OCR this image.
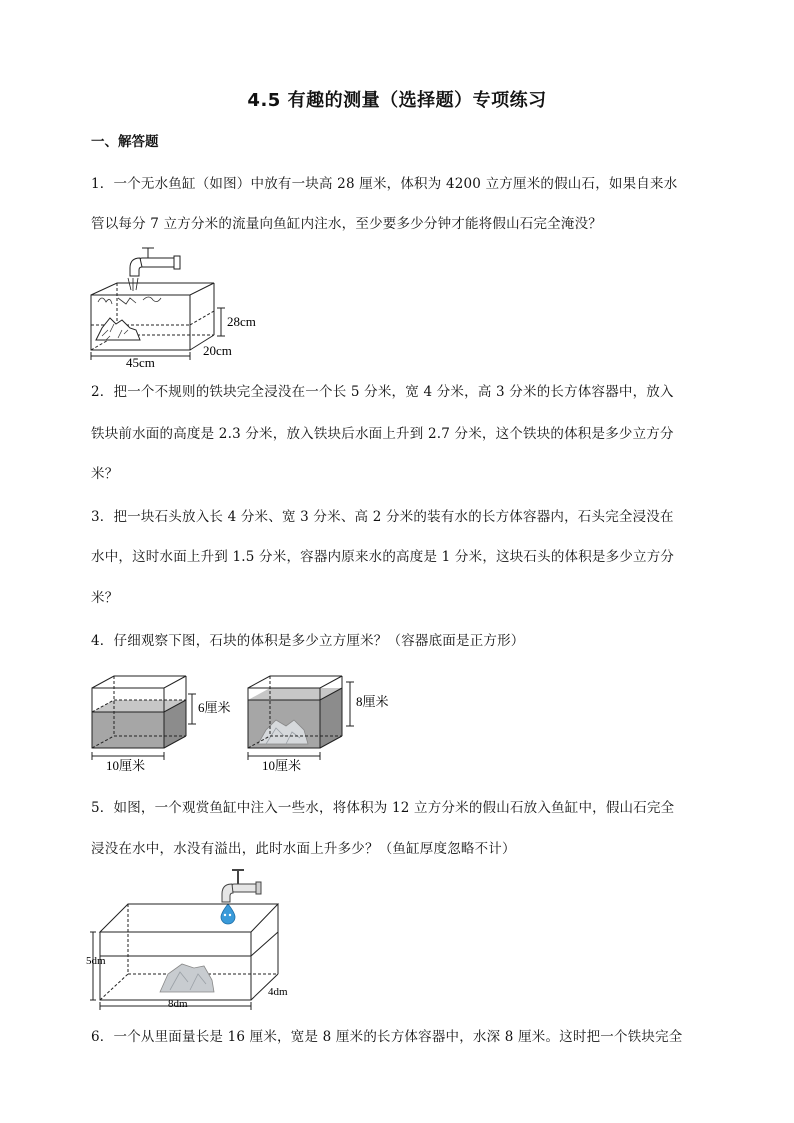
4.5 有趣的测量（选择题）专项练习
一、解答题
1．一个无水鱼缸（如图）中放有一块高 28 厘米，体积为 4200 立方厘米的假山石，如果自来水
管以每分 7 立方分米的流量向鱼缸内注水，至少要多少分钟才能将假山石完全淹没？
28cm
45cm
20cm
2．把一个不规则的铁块完全浸没在一个长 5 分米，宽 4 分米，高 3 分米的长方体容器中，放入
铁块前水面的高度是 2.3 分米，放入铁块后水面上升到 2.7 分米，这个铁块的体积是多少立方分
米？
3．把一块石头放入长 4 分米、宽 3 分米、高 2 分米的装有水的长方体容器内，石头完全浸没在
水中，这时水面上升到 1.5 分米，容器内原来水的高度是 1 分米，这块石头的体积是多少立方分
米？
4．仔细观察下图，石块的体积是多少立方厘米？（容器底面是正方形）
6厘米
10厘米
8厘米
10厘米
5．如图，一个观赏鱼缸中注入一些水，将体积为 12 立方分米的假山石放入鱼缸中，假山石完全
浸没在水中，水没有溢出，此时水面上升多少？（鱼缸厚度忽略不计）
5dm
8dm
4dm
6．一个从里面量长是 16 厘米，宽是 8 厘米的长方体容器中，水深 8 厘米。这时把一个铁块完全
